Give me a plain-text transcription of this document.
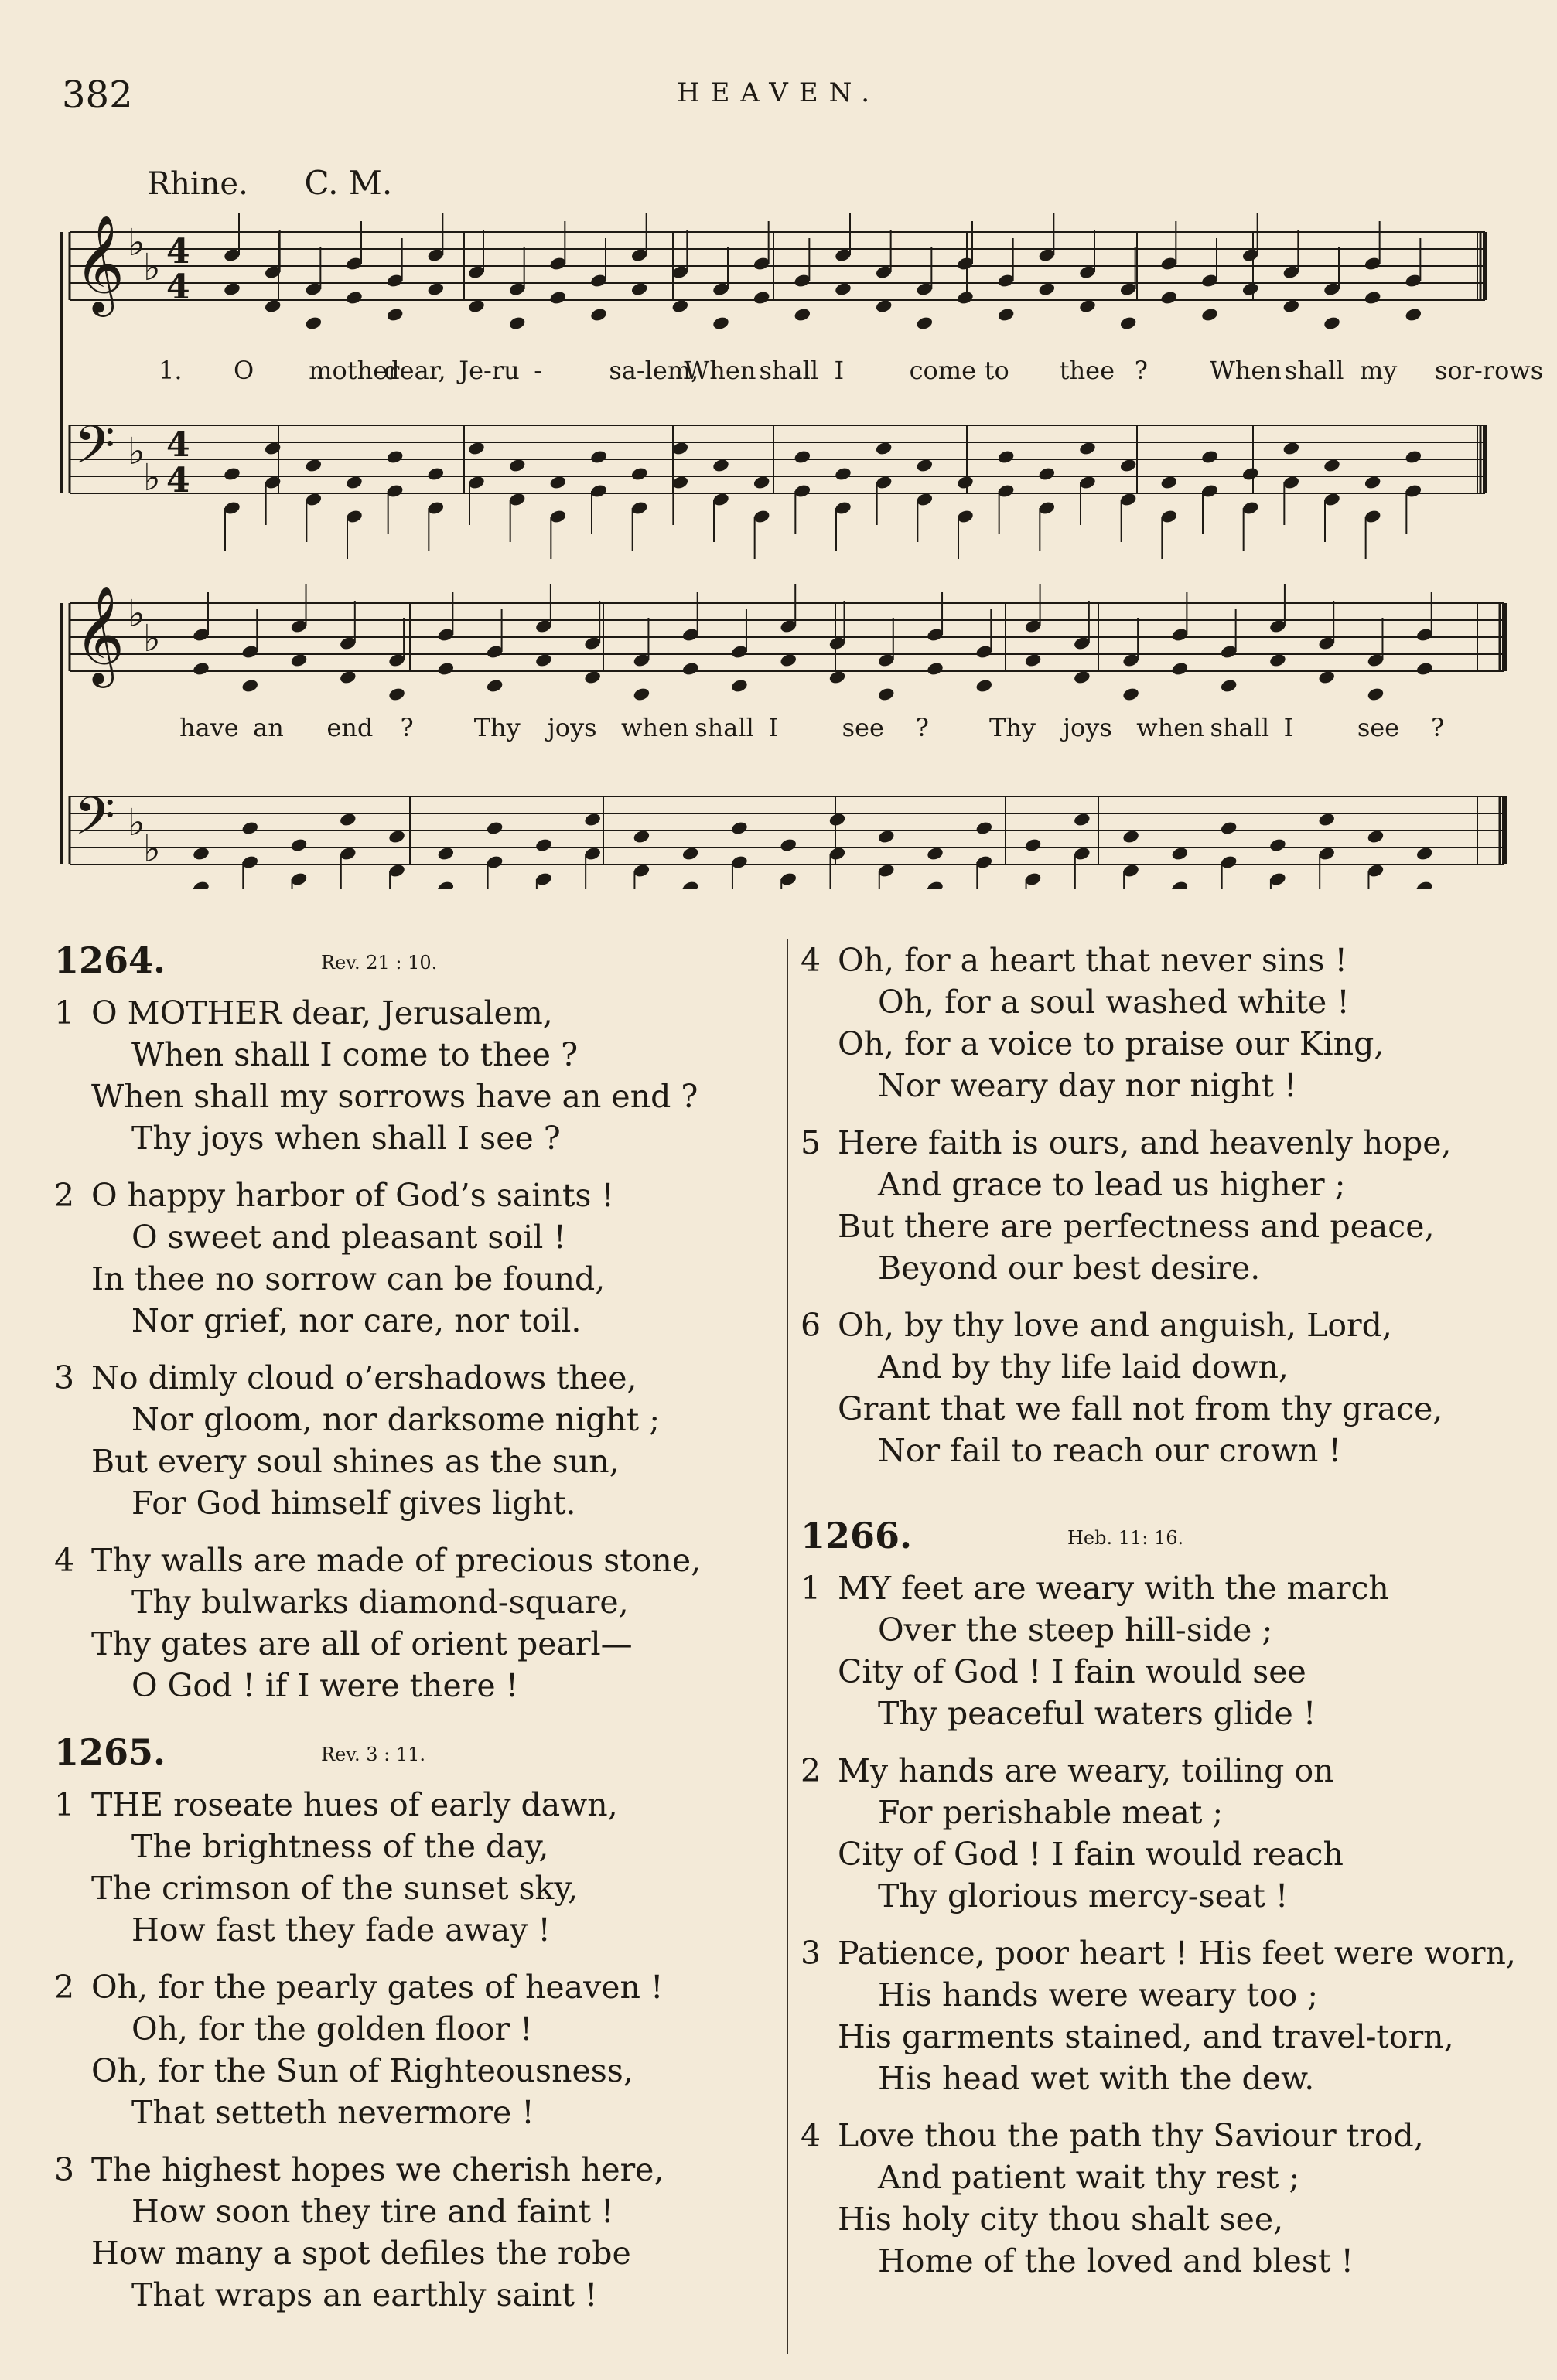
382	HEAVEN.
Rhine. C. M.
𝄞 ♭
♭ 4
4
𝄢 ♭
♭
4
4
𝄞 ♭
♭
𝄢 ♭
♭
1. O mother
dear, Je-ru -	sa-lem,
When shall I	come to thee ? When shall my sor-rows
have an end ? Thy joys when shall I	see ? Thy joys when shall I	see ?
1264.	Rev. 21 : 10.
1 O MOTHER dear, Jerusalem,
When shall I come to thee ?
When shall my sorrows have an end ?
Thy joys when shall I see ?
2 O happy harbor of God’s saints !
O sweet and pleasant soil !
In thee no sorrow can be found,
Nor grief, nor care, nor toil.
3 No dimly cloud o’ershadows thee,
Nor gloom, nor darksome night ;
But every soul shines as the sun,
For God himself gives light.
4 Thy walls are made of precious stone,
Thy bulwarks diamond-square,
Thy gates are all of orient pearl—
O God ! if I were there !
1265.	Rev. 3 : 11.
1 THE roseate hues of early dawn,
The brightness of the day,
The crimson of the sunset sky,
How fast they fade away !
2 Oh, for the pearly gates of heaven !
Oh, for the golden floor !
Oh, for the Sun of Righteousness,
That setteth nevermore !
3 The highest hopes we cherish here,
How soon they tire and faint !
How many a spot defiles the robe
That wraps an earthly saint !
4 Oh, for a heart that never sins !
Oh, for a soul washed white !
Oh, for a voice to praise our King,
Nor weary day nor night !
5 Here faith is ours, and heavenly hope,
And grace to lead us higher ;
But there are perfectness and peace,
Beyond our best desire.
6 Oh, by thy love and anguish, Lord,
And by thy life laid down,
Grant that we fall not from thy grace,
Nor fail to reach our crown !
1266.	Heb. 11: 16.
1 MY feet are weary with the march
Over the steep hill-side ;
City of God ! I fain would see
Thy peaceful waters glide !
2 My hands are weary, toiling on
For perishable meat ;
City of God ! I fain would reach
Thy glorious mercy-seat !
3 Patience, poor heart ! His feet were worn,
His hands were weary too ;
His garments stained, and travel-torn,
His head wet with the dew.
4 Love thou the path thy Saviour trod,
And patient wait thy rest ;
His holy city thou shalt see,
Home of the loved and blest !
